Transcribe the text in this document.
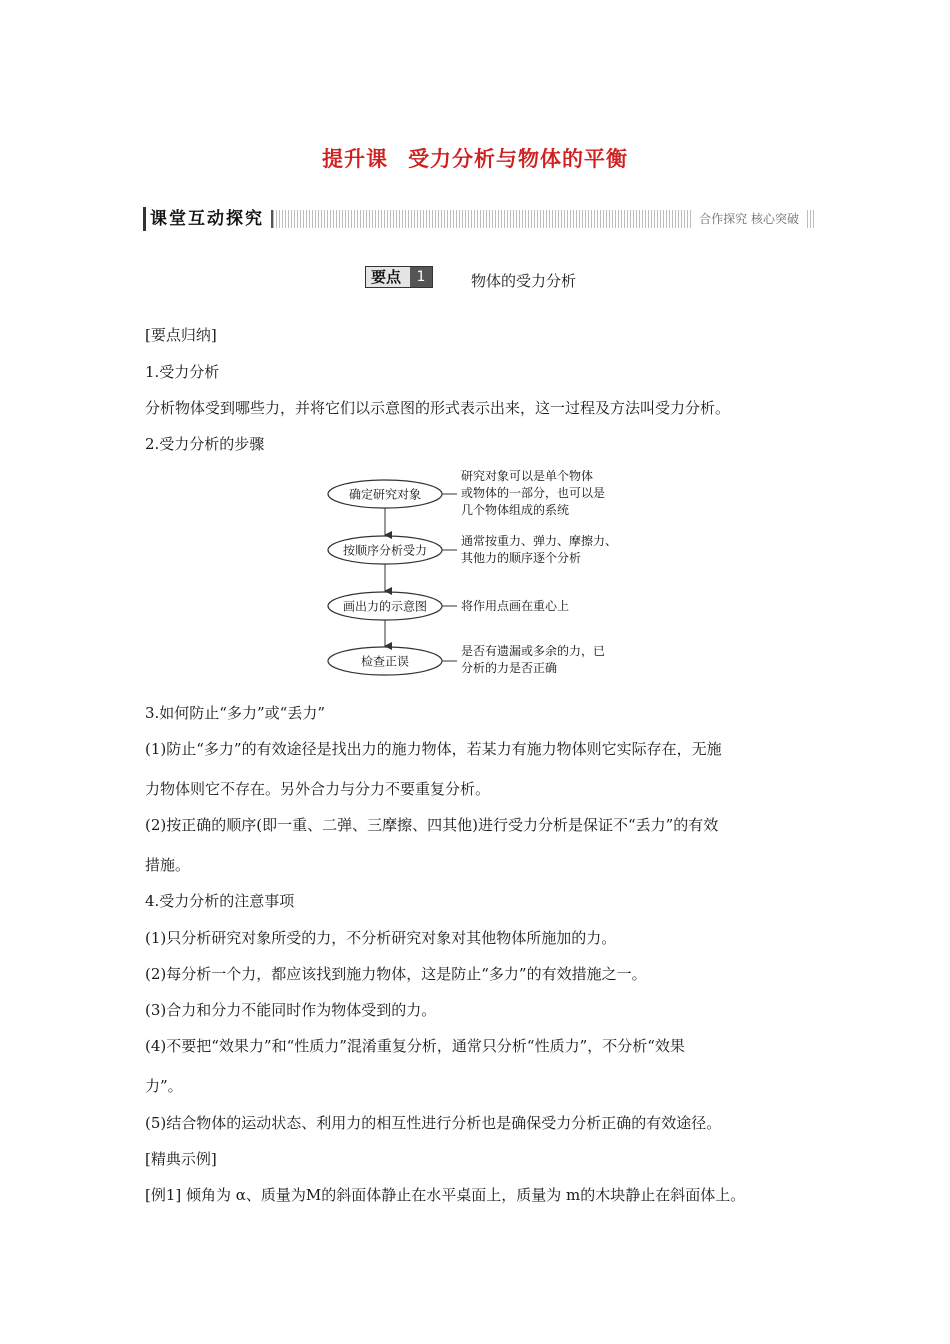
提升课 受力分析与物体的平衡
课堂互动探究	合作探究 核心突破
要点	1	物体的受力分析
[要点归纳]
1.受力分析
分析物体受到哪些力，并将它们以示意图的形式表示出来，这一过程及方法叫受力分析。
2.受力分析的步骤
确定研究对象
按顺序分析受力
画出力的示意图
检查正误
研究对象可以是单个物体
或物体的一部分，也可以是
几个物体组成的系统
通常按重力、弹力、摩擦力、
其他力的顺序逐个分析
将作用点画在重心上
是否有遗漏或多余的力，已
分析的力是否正确
3.如何防止“多力”或“丢力”
(1)防止“多力”的有效途径是找出力的施力物体，若某力有施力物体则它实际存在，无施
力物体则它不存在。另外合力与分力不要重复分析。
(2)按正确的顺序(即一重、二弹、三摩擦、四其他)进行受力分析是保证不“丢力”的有效
措施。
4.受力分析的注意事项
(1)只分析研究对象所受的力，不分析研究对象对其他物体所施加的力。
(2)每分析一个力，都应该找到施力物体，这是防止“多力”的有效措施之一。
(3)合力和分力不能同时作为物体受到的力。
(4)不要把“效果力”和“性质力”混淆重复分析，通常只分析“性质力”，不分析“效果
力”。
(5)结合物体的运动状态、利用力的相互性进行分析也是确保受力分析正确的有效途径。
[精典示例]
[例1] 倾角为 α、质量为M的斜面体静止在水平桌面上，质量为 m的木块静止在斜面体上。
